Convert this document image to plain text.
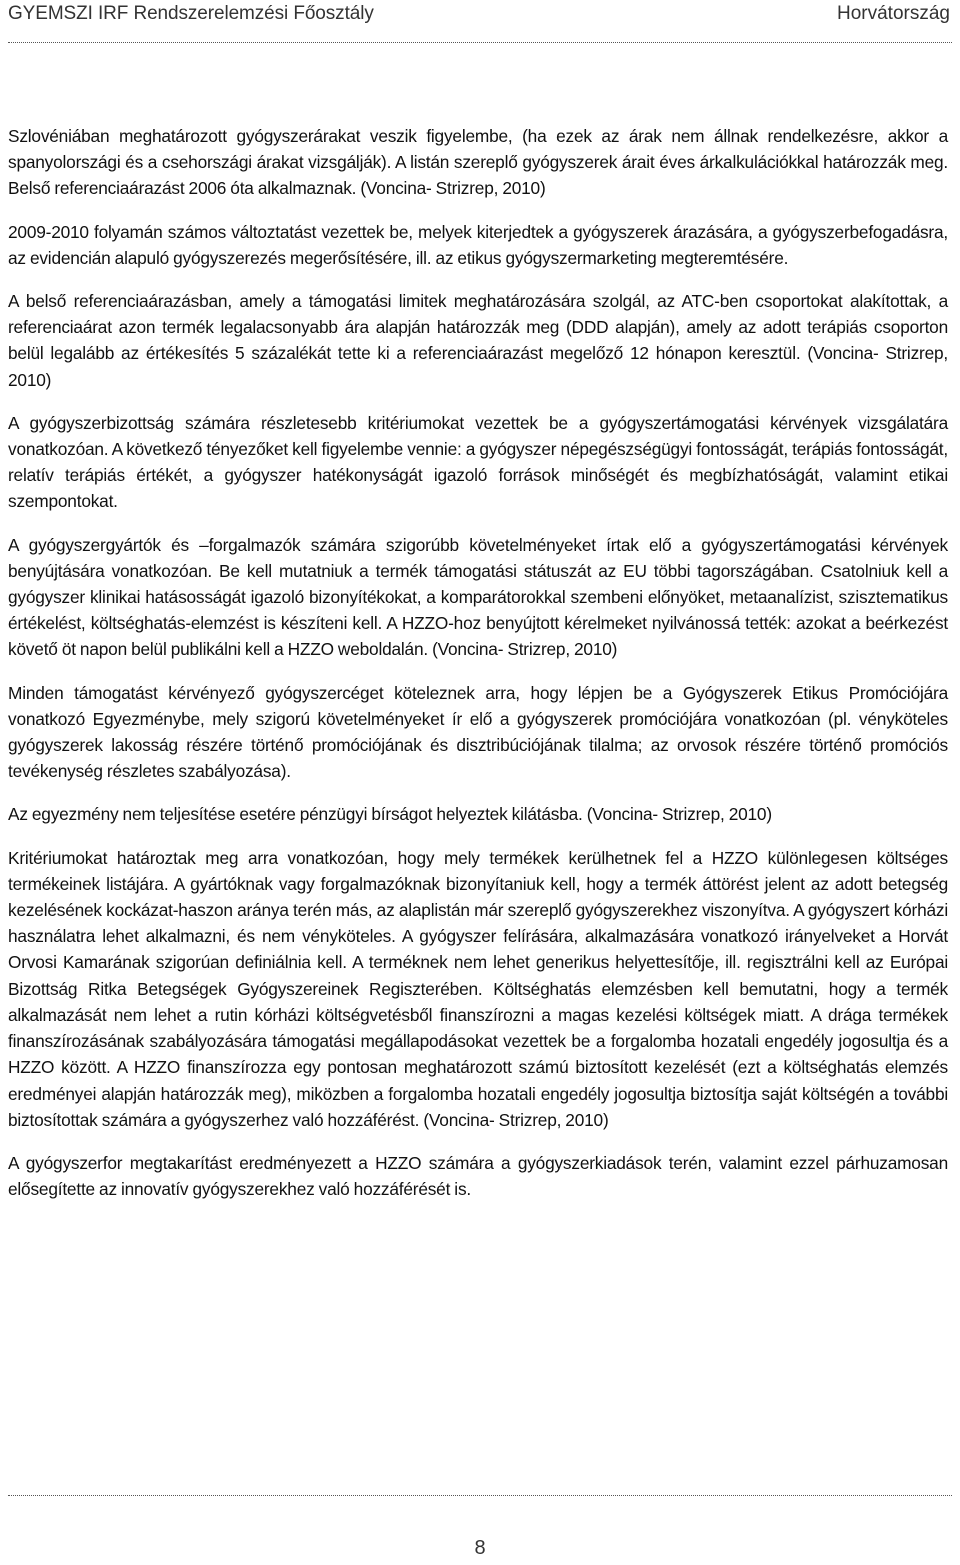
GYEMSZI IRF Rendszerelemzési Főosztály	Horvátország

Szlovéniában meghatározott gyógyszerárakat veszik figyelembe, (ha ezek az árak nem állnak rendelkezésre, akkor a spanyolországi és a csehországi árakat vizsgálják). A listán szereplő gyógyszerek árait éves árkalkulációkkal határozzák meg. Belső referenciaárazást 2006 óta alkalmaznak. (Voncina- Strizrep, 2010)

2009-2010 folyamán számos változtatást vezettek be, melyek kiterjedtek a gyógyszerek árazására, a gyógyszerbefogadásra, az evidencián alapuló gyógyszerezés megerősítésére, ill. az etikus gyógyszermarketing megteremtésére.

A belső referenciaárazásban, amely a támogatási limitek meghatározására szolgál, az ATC-ben csoportokat alakítottak, a referenciaárat azon termék legalacsonyabb ára alapján határozzák meg (DDD alapján), amely az adott terápiás csoporton belül legalább az értékesítés 5 százalékát tette ki a referenciaárazást megelőző 12 hónapon keresztül. (Voncina- Strizrep, 2010)

A gyógyszerbizottság számára részletesebb kritériumokat vezettek be a gyógyszertámogatási kérvények vizsgálatára vonatkozóan. A következő tényezőket kell figyelembe vennie: a gyógyszer népegészségügyi fontosságát, terápiás fontosságát, relatív terápiás értékét, a gyógyszer hatékonyságát igazoló források minőségét és megbízhatóságát, valamint etikai szempontokat.

A gyógyszergyártók és –forgalmazók számára szigorúbb követelményeket írtak elő a gyógyszertámogatási kérvények benyújtására vonatkozóan. Be kell mutatniuk a termék támogatási státuszát az EU többi tagországában. Csatolniuk kell a gyógyszer klinikai hatásosságát igazoló bizonyítékokat, a komparátorokkal szembeni előnyöket, metaanalízist, szisztematikus értékelést, költséghatás-elemzést is készíteni kell. A HZZO-hoz benyújtott kérelmeket nyilvánossá tették: azokat a beérkezést követő öt napon belül publikálni kell a HZZO weboldalán. (Voncina- Strizrep, 2010)

Minden támogatást kérvényező gyógyszercéget köteleznek arra, hogy lépjen be a Gyógyszerek Etikus Promóciójára vonatkozó Egyezménybe, mely szigorú követelményeket ír elő a gyógyszerek promóciójára vonatkozóan (pl. vényköteles gyógyszerek lakosság részére történő promóciójának és disztribúciójának tilalma; az orvosok részére történő promóciós tevékenység részletes szabályozása).

Az egyezmény nem teljesítése esetére pénzügyi bírságot helyeztek kilátásba. (Voncina- Strizrep, 2010)

Kritériumokat határoztak meg arra vonatkozóan, hogy mely termékek kerülhetnek fel a HZZO különlegesen költséges termékeinek listájára. A gyártóknak vagy forgalmazóknak bizonyítaniuk kell, hogy a termék áttörést jelent az adott betegség kezelésének kockázat-haszon aránya terén más, az alaplistán már szereplő gyógyszerekhez viszonyítva. A gyógyszert kórházi használatra lehet alkalmazni, és nem vényköteles. A gyógyszer felírására, alkalmazására vonatkozó irányelveket a Horvát Orvosi Kamarának szigorúan definiálnia kell. A terméknek nem lehet generikus helyettesítője, ill. regisztrálni kell az Európai Bizottság Ritka Betegségek Gyógyszereinek Regiszterében. Költséghatás elemzésben kell bemutatni, hogy a termék alkalmazását nem lehet a rutin kórházi költségvetésből finanszírozni a magas kezelési költségek miatt. A drága termékek finanszírozásának szabályozására támogatási megállapodásokat vezettek be a forgalomba hozatali engedély jogosultja és a HZZO között. A HZZO finanszírozza egy pontosan meghatározott számú biztosított kezelését (ezt a költséghatás elemzés eredményei alapján határozzák meg), miközben a forgalomba hozatali engedély jogosultja biztosítja saját költségén a további biztosítottak számára a gyógyszerhez való hozzáférést. (Voncina- Strizrep, 2010)

A gyógyszerfor megtakarítást eredményezett a HZZO számára a gyógyszerkiadások terén, valamint ezzel párhuzamosan elősegítette az innovatív gyógyszerekhez való hozzáférését is.

8
